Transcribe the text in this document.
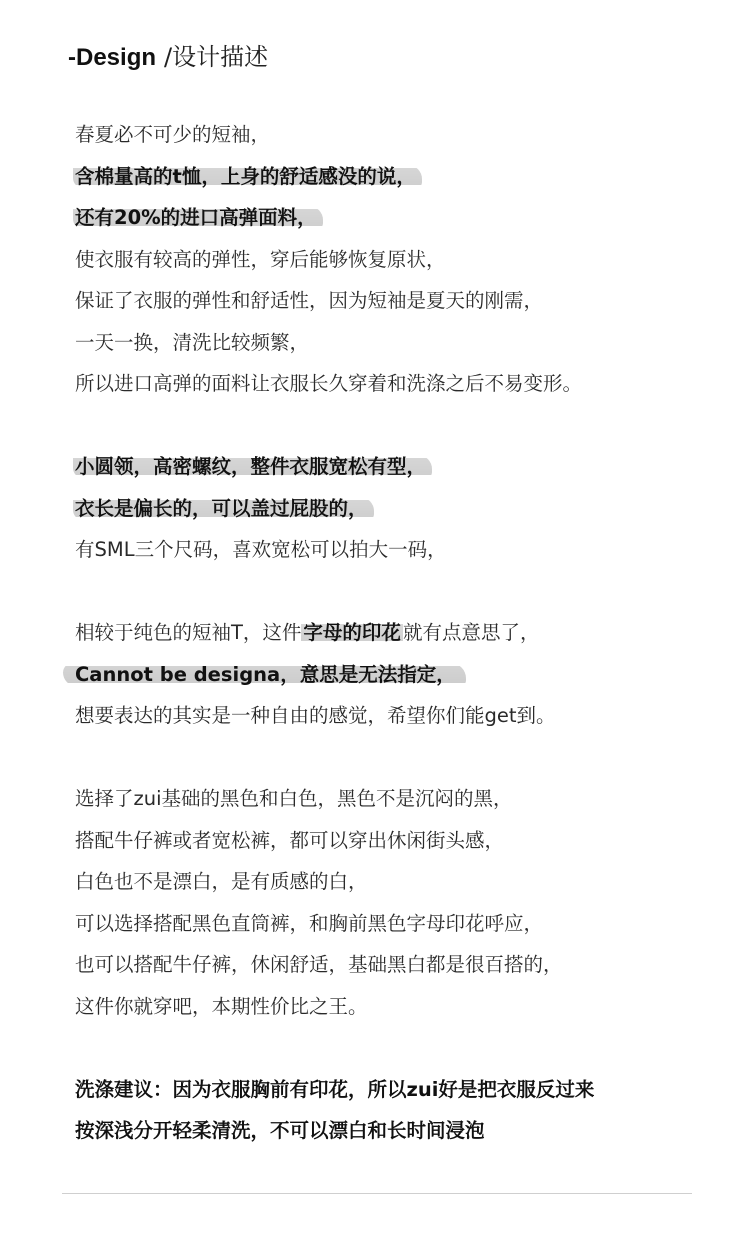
-Design /设计描述
春夏必不可少的短袖，
含棉量高的t恤，上身的舒适感没的说，
还有20%的进口高弹面料，
使衣服有较高的弹性，穿后能够恢复原状，
保证了衣服的弹性和舒适性，因为短袖是夏天的刚需，
一天一换，清洗比较频繁，
所以进口高弹的面料让衣服长久穿着和洗涤之后不易变形。
小圆领，高密螺纹，整件衣服宽松有型，
衣长是偏长的，可以盖过屁股的，
有SML三个尺码，喜欢宽松可以拍大一码，
相较于纯色的短袖T，这件 字母的印花 就有点意思了，
Cannot be designa，意思是无法指定，
想要表达的其实是一种自由的感觉，希望你们能get到。
选择了zui基础的黑色和白色，黑色不是沉闷的黑，
搭配牛仔裤或者宽松裤，都可以穿出休闲街头感，
白色也不是漂白，是有质感的白，
可以选择搭配黑色直筒裤，和胸前黑色字母印花呼应，
也可以搭配牛仔裤，休闲舒适，基础黑白都是很百搭的，
这件你就穿吧，本期性价比之王。
洗涤建议：因为衣服胸前有印花，所以zui好是把衣服反过来
按深浅分开轻柔清洗，不可以漂白和长时间浸泡
